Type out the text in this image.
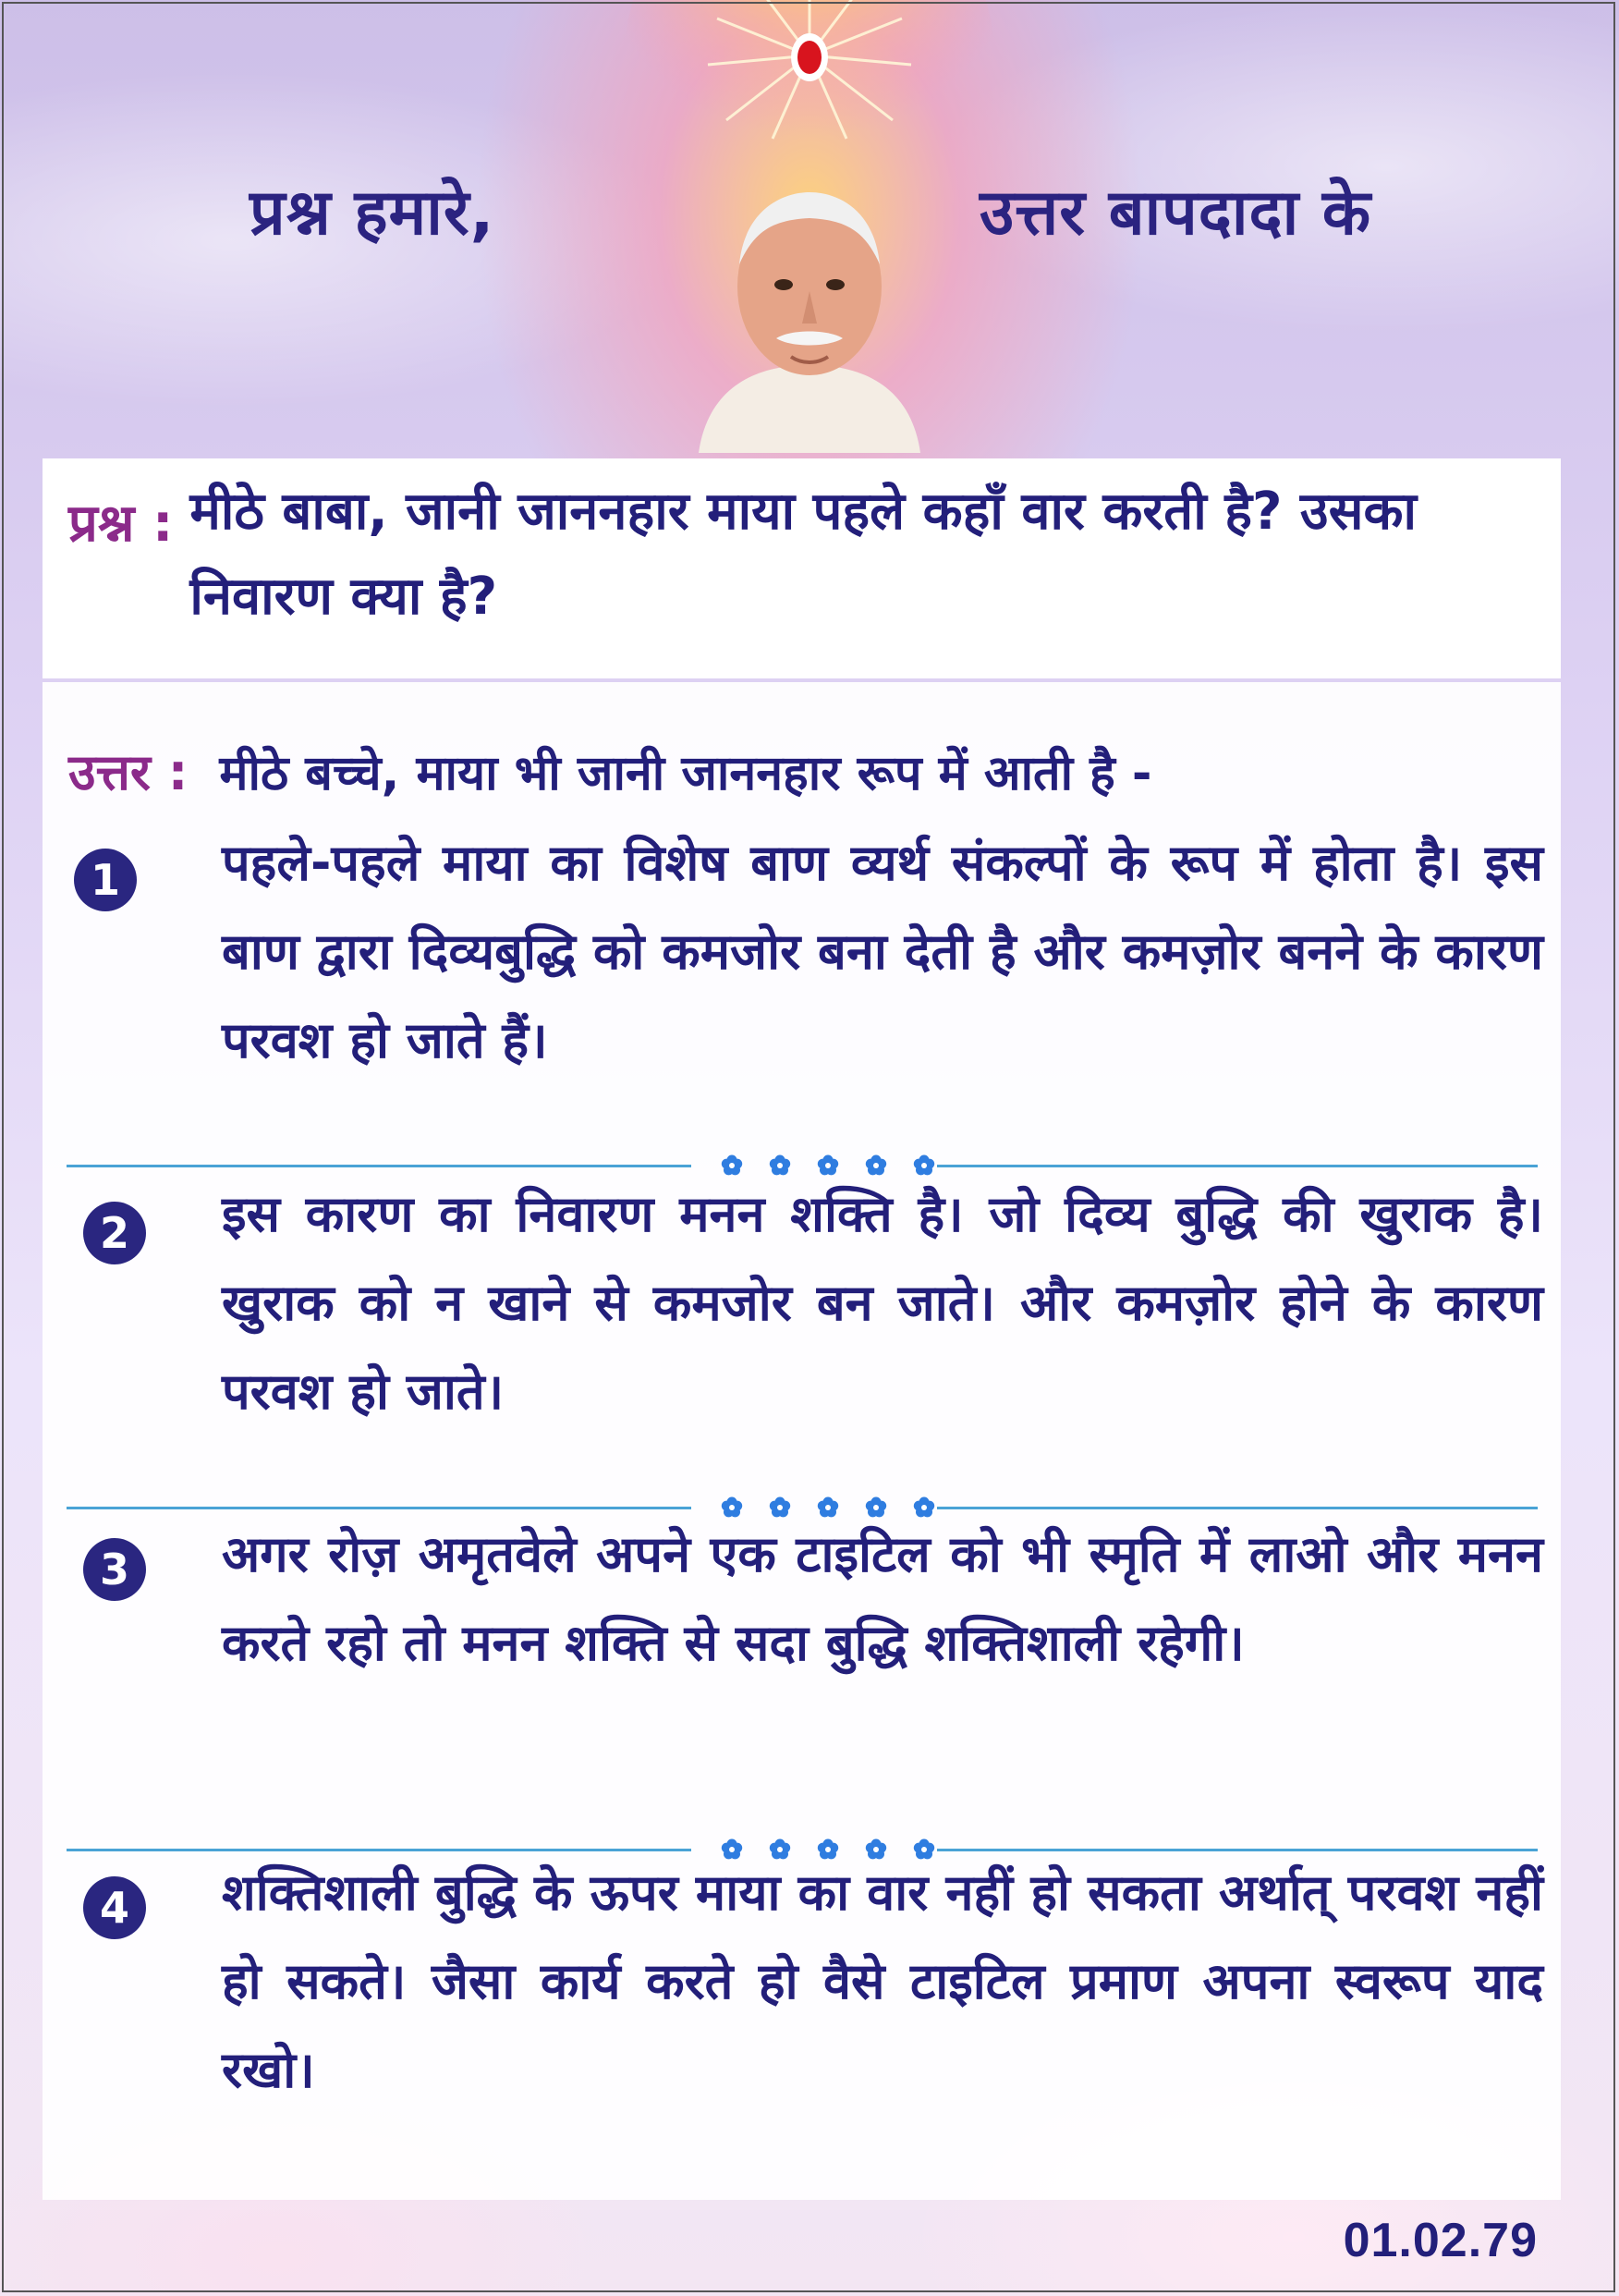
प्रश्न हमारे,	उत्तर बापदादा के
प्रश्न : मीठे बाबा, जानी जाननहार माया पहले कहाँ वार करती है? उसका निवारण क्या है?
उत्तर : मीठे बच्चे, माया भी जानी जाननहार रूप में आती है -
1	पहले-पहले माया का विशेष बाण व्यर्थ संकल्पों के रूप में होता है। इस बाण द्वारा दिव्यबुद्धि को कमजोर बना देती है और कमज़ोर बनने के कारण परवश हो जाते हैं।
2	इस कारण का निवारण मनन शक्ति है। जो दिव्य बुद्धि की खुराक है। खुराक को न खाने से कमजोर बन जाते। और कमज़ोर होने के कारण परवश हो जाते।
3	अगर रोज़ अमृतवेले अपने एक टाइटिल को भी स्मृति में लाओ और मनन करते रहो तो मनन शक्ति से सदा बुद्धि शक्तिशाली रहेगी।
4	शक्तिशाली बुद्धि के ऊपर माया का वार नहीं हो सकता अर्थात् परवश नहीं हो सकते। जैसा कार्य करते हो वैसे टाइटिल प्रमाण अपना स्वरूप याद रखो।
01.02.79
